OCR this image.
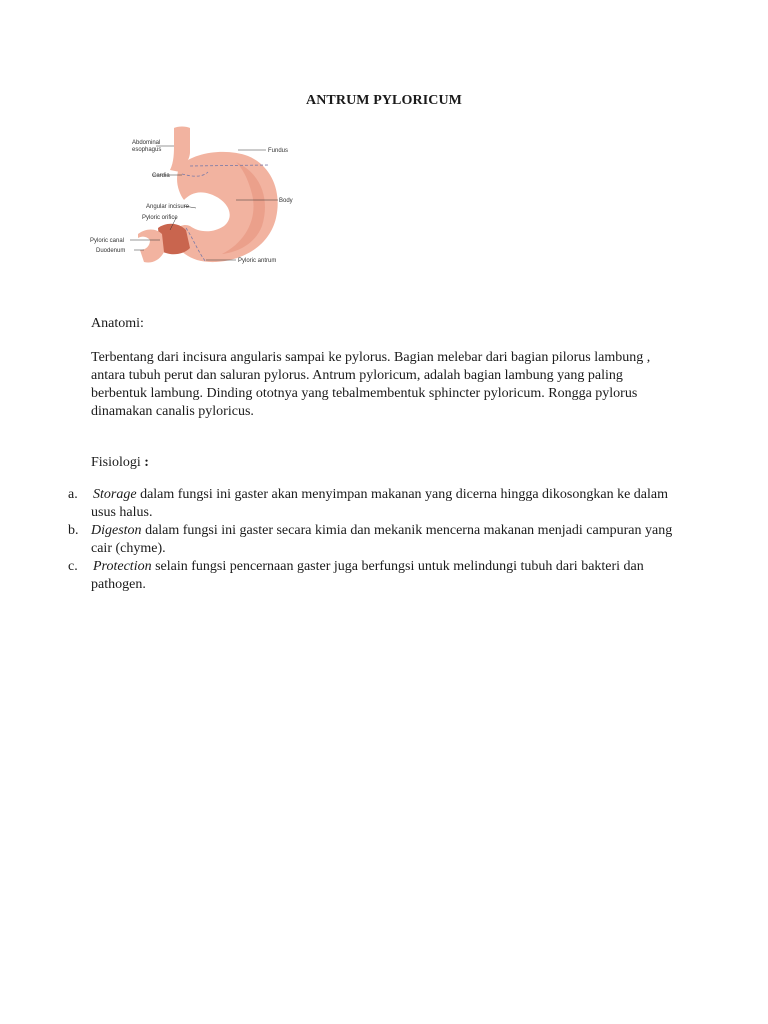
ANTRUM PYLORICUM
Abdominal
esophagus
Cardia
Angular incisure
Pyloric orifice
Pyloric canal
Duodenum
Fundus
Body
Pyloric antrum
Anatomi:
Terbentang dari incisura angularis sampai ke pylorus. Bagian melebar dari bagian pilorus lambung , antara tubuh perut dan saluran pylorus. Antrum pyloricum, adalah bagian lambung yang paling berbentuk lambung. Dinding ototnya yang tebalmembentuk sphincter pyloricum. Rongga pylorus dinamakan canalis pyloricus.
Fisiologi :
a. Storage dalam fungsi ini gaster akan menyimpan makanan yang dicerna hingga dikosongkan ke dalam usus halus.
b. Digeston dalam fungsi ini gaster secara kimia dan mekanik mencerna makanan menjadi campuran yang cair (chyme).
c. Protection selain fungsi pencernaan gaster juga berfungsi untuk melindungi tubuh dari bakteri dan pathogen.
